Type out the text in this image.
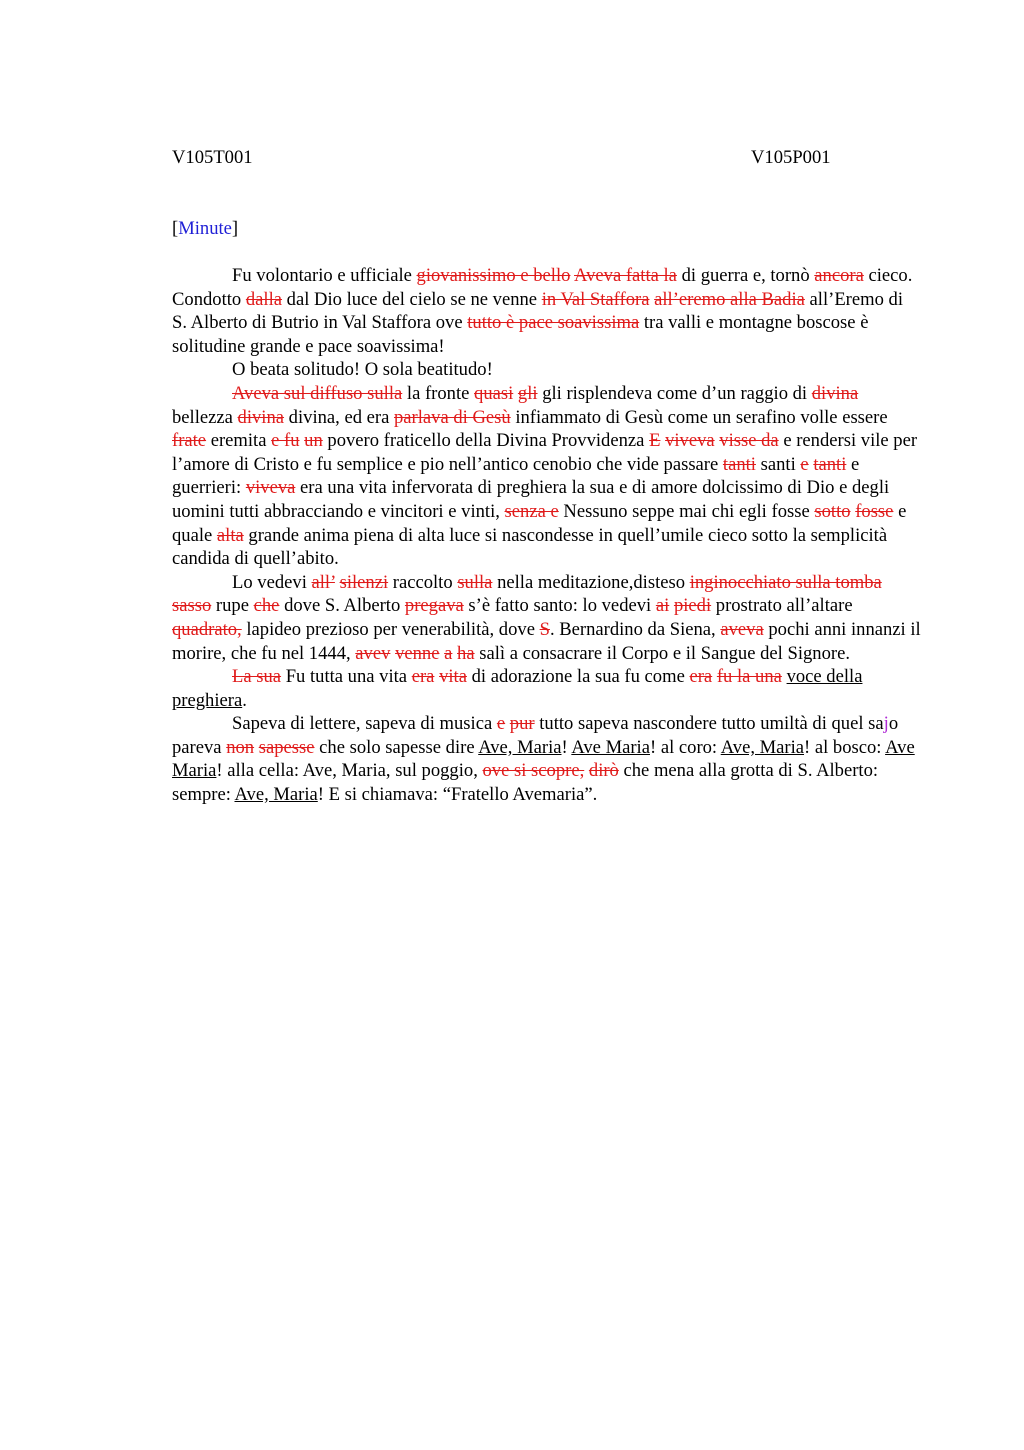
V105T001	V105P001
[Minute]

Fu volontario e ufficiale giovanissimo e bello Aveva fatta la di guerra e, tornò ancora cieco. Condotto dalla dal Dio luce del cielo se ne venne in Val Staffora all’eremo alla Badia all’Eremo di S. Alberto di Butrio in Val Staffora ove tutto è pace soavissima tra valli e montagne boscose è solitudine grande e pace soavissima!

O beata solitudo! O sola beatitudo!

Aveva sul diffuso sulla la fronte quasi gli gli risplendeva come d’un raggio di divina bellezza divina divina, ed era parlava di Gesù infiammato di Gesù come un serafino volle essere frate eremita e fu un povero fraticello della Divina Provvidenza E viveva visse da e rendersi vile per l’amore di Cristo e fu semplice e pio nell’antico cenobio che vide passare tanti santi e tanti e guerrieri: viveva era una vita infervorata di preghiera la sua e di amore dolcissimo di Dio e degli uomini tutti abbracciando e vincitori e vinti, senza e Nessuno seppe mai chi egli fosse sotto fosse e quale alta grande anima piena di alta luce si nascondesse in quell’umile cieco sotto la semplicità candida di quell’abito.

Lo vedevi all’ silenzi raccolto sulla nella meditazione,disteso inginocchiato sulla tomba sasso rupe che dove S. Alberto pregava s’è fatto santo: lo vedevi ai piedi prostrato all’altare quadrato, lapideo prezioso per venerabilità, dove S. Bernardino da Siena, aveva pochi anni innanzi il morire, che fu nel 1444, avev venne a ha salì a consacrare il Corpo e il Sangue del Signore.

La sua Fu tutta una vita era vita di adorazione la sua fu come era fu la una voce della preghiera.

Sapeva di lettere, sapeva di musica e pur tutto sapeva nascondere tutto umiltà di quel sajo pareva non sapesse che solo sapesse dire Ave, Maria! Ave Maria! al coro: Ave, Maria! al bosco: Ave Maria! alla cella: Ave, Maria, sul poggio, ove si scopre, dirò che mena alla grotta di S. Alberto: sempre: Ave, Maria! E si chiamava: “Fratello Avemaria”.
